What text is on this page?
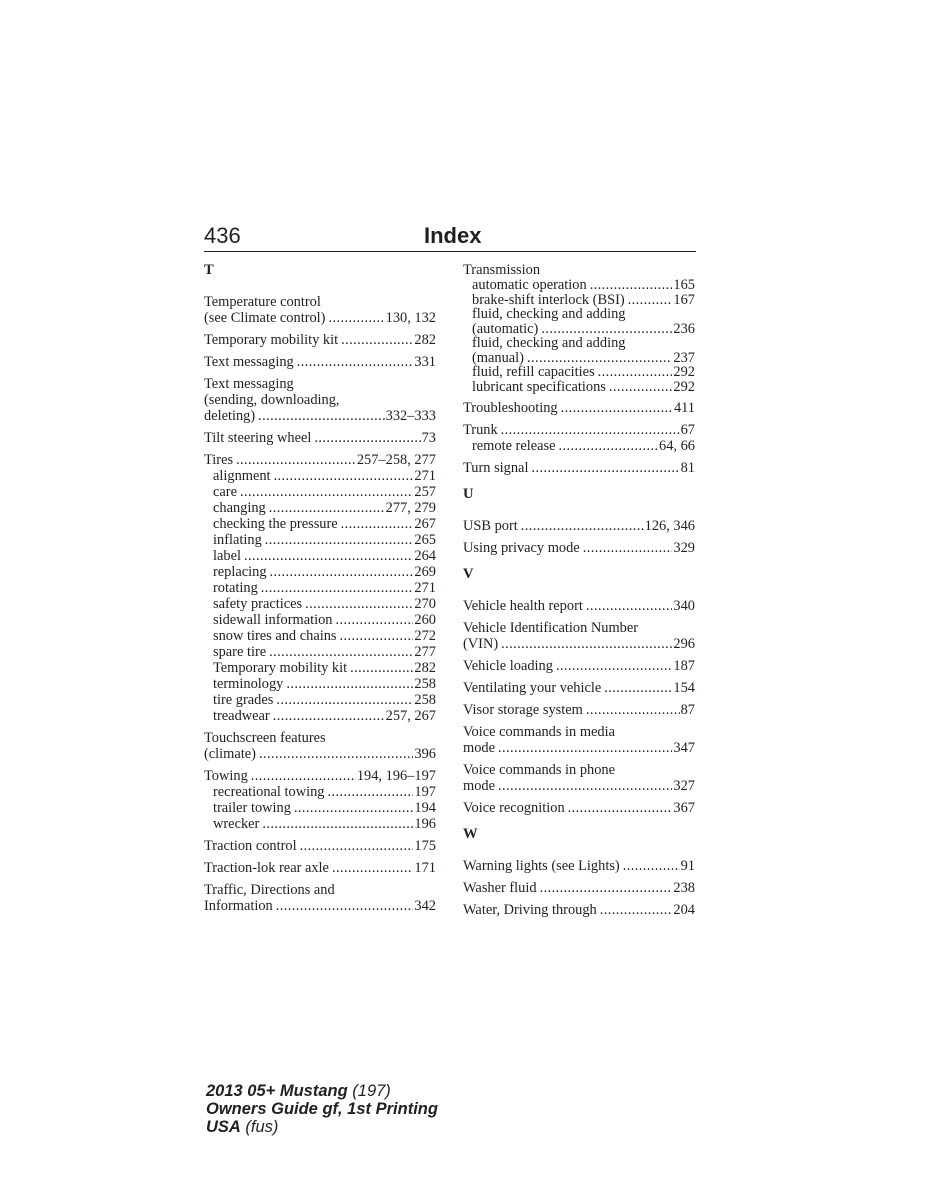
436	Index
T
Temperature control
(see Climate control) .....	130, 132
Temporary mobility kit .....	282
Text messaging .....	331
Text messaging
(sending, downloading,
deleting) .....	332–333
Tilt steering wheel .....	73
Tires .....	257–258, 277
alignment .....	271
care .....	257
changing .....	277, 279
checking the pressure .....	267
inflating .....	265
label .....	264
replacing .....	269
rotating .....	271
safety practices .....	270
sidewall information .....	260
snow tires and chains .....	272
spare tire .....	277
Temporary mobility kit .....	282
terminology .....	258
tire grades .....	258
treadwear .....	257, 267
Touchscreen features
(climate) .....	396
Towing .....	194, 196–197
recreational towing .....	197
trailer towing .....	194
wrecker .....	196
Traction control .....	175
Traction-lok rear axle .....	171
Traffic, Directions and
Information .....	342
Transmission
automatic operation .....	165
brake-shift interlock (BSI) .....	167
fluid, checking and adding
(automatic) .....	236
fluid, checking and adding
(manual) .....	237
fluid, refill capacities .....	292
lubricant specifications .....	292
Troubleshooting .....	411
Trunk .....	67
remote release .....	64, 66
Turn signal .....	81
U
USB port .....	126, 346
Using privacy mode .....	329
V
Vehicle health report .....	340
Vehicle Identification Number
(VIN) .....	296
Vehicle loading .....	187
Ventilating your vehicle .....	154
Visor storage system .....	87
Voice commands in media
mode .....	347
Voice commands in phone
mode .....	327
Voice recognition .....	367
W
Warning lights (see Lights) .....	91
Washer fluid .....	238
Water, Driving through .....	204
2013 05+ Mustang (197)
Owners Guide gf, 1st Printing
USA (fus)
